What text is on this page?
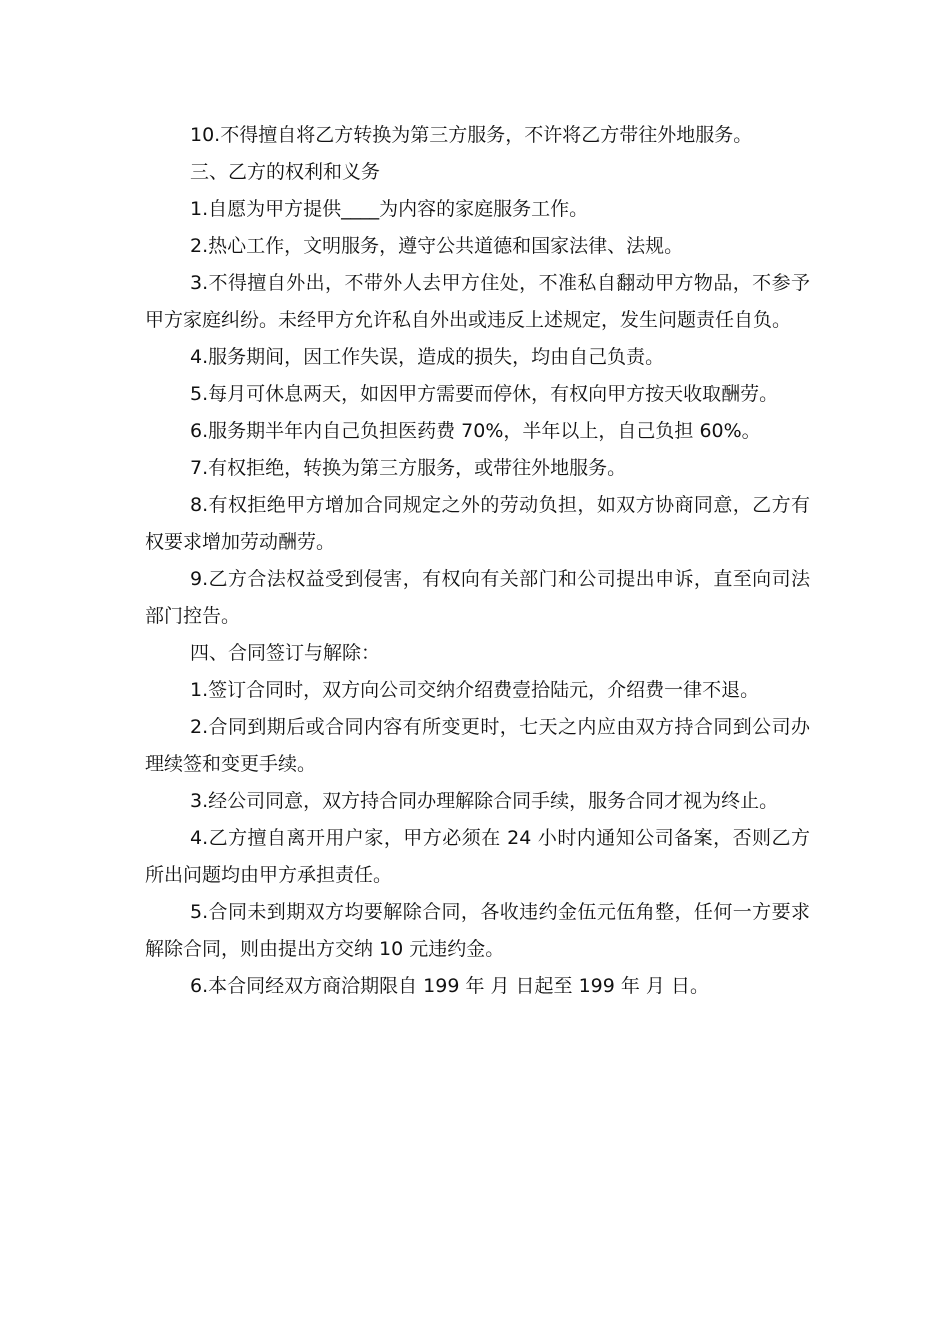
10.不得擅自将乙方转换为第三方服务，不许将乙方带往外地服务。

三、乙方的权利和义务

1.自愿为甲方提供____为内容的家庭服务工作。

2.热心工作，文明服务，遵守公共道德和国家法律、法规。

3.不得擅自外出，不带外人去甲方住处，不准私自翻动甲方物品，不参予甲方家庭纠纷。未经甲方允许私自外出或违反上述规定，发生问题责任自负。

4.服务期间，因工作失误，造成的损失，均由自己负责。

5.每月可休息两天，如因甲方需要而停休，有权向甲方按天收取酬劳。

6.服务期半年内自己负担医药费 70%，半年以上，自己负担 60%。

7.有权拒绝，转换为第三方服务，或带往外地服务。

8.有权拒绝甲方增加合同规定之外的劳动负担，如双方协商同意，乙方有权要求增加劳动酬劳。

9.乙方合法权益受到侵害，有权向有关部门和公司提出申诉，直至向司法部门控告。

四、合同签订与解除：

1.签订合同时，双方向公司交纳介绍费壹拾陆元，介绍费一律不退。

2.合同到期后或合同内容有所变更时，七天之内应由双方持合同到公司办理续签和变更手续。

3.经公司同意，双方持合同办理解除合同手续，服务合同才视为终止。

4.乙方擅自离开用户家，甲方必须在 24 小时内通知公司备案，否则乙方所出问题均由甲方承担责任。

5.合同未到期双方均要解除合同，各收违约金伍元伍角整，任何一方要求解除合同，则由提出方交纳 10 元违约金。

6.本合同经双方商洽期限自 199 年 月 日起至 199 年 月 日。
